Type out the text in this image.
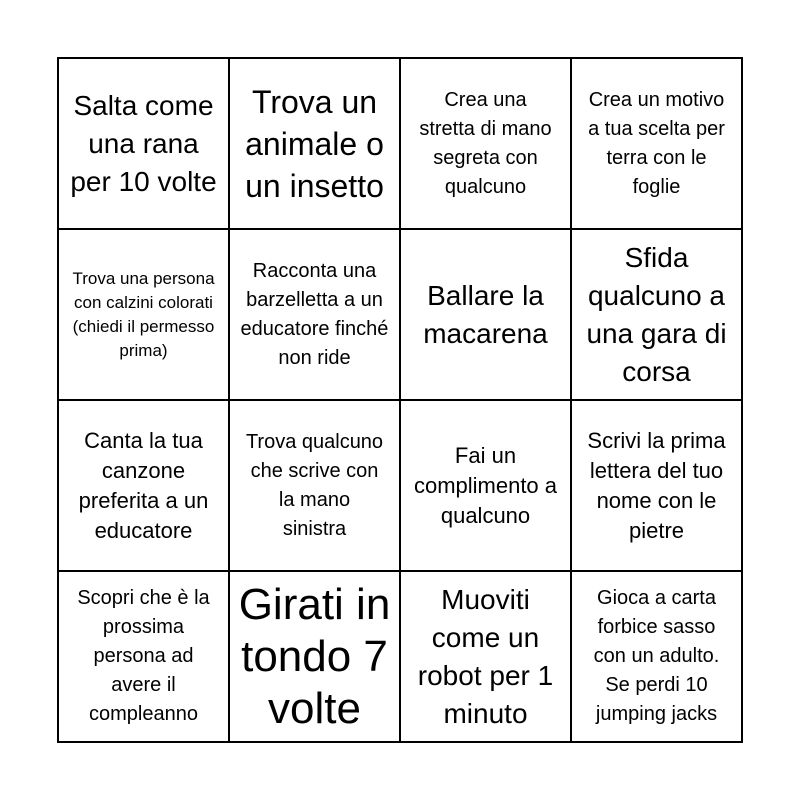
Salta come una rana per 10 volte
Trova un animale o un insetto
Crea una stretta di mano segreta con qualcuno
Crea un motivo a tua scelta per terra con le foglie
Trova una persona con calzini colorati (chiedi il permesso prima)
Racconta una barzelletta a un educatore finché non ride
Ballare la macarena
Sfida qualcuno a una gara di corsa
Canta la tua canzone preferita a un educatore
Trova qualcuno che scrive con la mano sinistra
Fai un complimento a qualcuno
Scrivi la prima lettera del tuo nome con le pietre
Scopri che è la prossima persona ad avere il compleanno
Girati in tondo 7 volte
Muoviti come un robot per 1 minuto
Gioca a carta forbice sasso con un adulto. Se perdi 10 jumping jacks
